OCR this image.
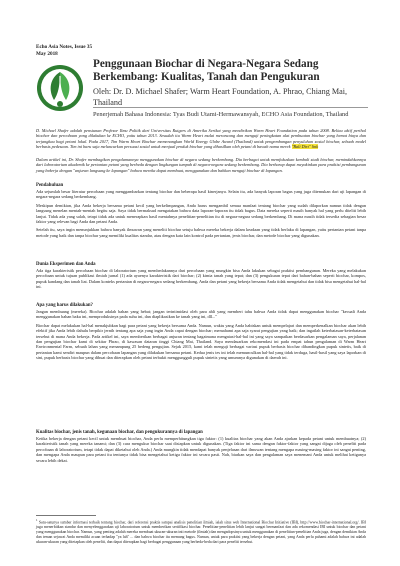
Echo Asia Notes, Issue 35
May 2018
Penggunaan Biochar di Negara-Negara Sedang Berkembang: Kualitas, Tanah dan Pengukuran
Oleh: Dr. D. Michael Shafer; Warm Heart Foundation, A. Phrao, Chiang Mai,
Thailand
Penerjemah Bahasa Indonesia: Tyas Budi Utami-Hermawansyah, ECHO Asia Foundation, Thailand

D. Michael Shafer adalah pensiunan Profesor Ilmu Politik dari Universitas Rutgers di Amerika Serikat yang mendirikan Warm Heart Foundation pada tahun 2008. Beliau aktif perihal biochar dan percobaan yang dilakukan ke ECHO, yaitu tahun 2013. Sesudah itu Warm Heart mulai merancang dan menguji peningkatan alat pembuatan biochar yang hemat biaya dan terjangkau bagi petani lokal. Pada 2017, Tim Warm Heart Biochar memenangkan World Energy Globe Award (Thailand) untuk pengembangan penyuluhan sosial biochar, sebuah model berbasis pedesaan. Tim ini baru saja meluncurkan persuasi sosial untuk menjual produk biochar yang dihasilkan oleh petani di bawah nama merek "Bali Dirt" link

Dalam artikel ini, Dr. Shafer membagikan pengalamannya menggunakan biochar di negara sedang berkembang. Dia berbagai untuk memfokuskan kembali studi biochar, memindahkannya dari laboratorium akademik ke pertanian petani yang berbeda dengan lingkungan tumpah di negara-negara sedang berkembang. Dia berharap dapat meyakinkan para praktisi pembangunan yang bekerja dengan "anjuran langsung ke lapangan" bahwa mereka dapat membuat, menggunakan dan bahkan menguji biochar di lapangan.

Pendahuluan

Ada sejumlah besar literatur percobaan yang menggambarkan tentang biochar dan beberapa hasil kinerjanya. Selain itu, ada banyak laporan bagus yang juga ditemukan dari uji lapangan di negara-negara sedang berkembang.

Meskipun demikian, jika Anda bekerja bersama petani kecil yang berkelimpangan, Anda harus mengambil semua manfaat tentang biochar yang sudah dilaporkan namun tidak dengan langsung menelan mentah-mentah begitu saja. Saya tidak bermaksud mengatakan bahwa data laporan-laporan itu tidak bagus. Data mereka seperti masih banyak hal yang perlu diteliti lebih lanjut. Tidak ada yang salah, tetapi tidak ada untuk menerapkan hasil mentahnya penelitian-penelitian itu di negara-negara sedang berkembang. Di mana masih tidak tersedia sebagian besar faktor yang relevan bagi Anda dan petani Anda.

Setelah itu, saya ingin menunjukkan bahwa banyak ilmuwan yang meneliti biochar setuju bahwa mereka bekerja dalam keadaan yang tidak berlaku di lapangan, yaitu pertanian petani tanpa metode yang baik dan tanpa biochar yang memiliki kualitas standar, atau dengan kata lain kontrol pada pertanian, jenis biochar, dan metode biochar yang digunakan.

Dunia Eksperimen dan Anda

Ada tiga karakteristik percobaan biochar di laboratorium yang membedakannya dari percobaan yang mungkin bisa Anda lakukan sebagai praktisi pembangunan. Mereka yang melakukan percobaan untuk tujuan publikasi ilmiah jurnal (1) ada ayaenya karakteristik dari biochar; (2) kimia tanah yang tepat; dan (3) pengukuran tepat dari bahan-bahan seperti biochar, kompos, pupuk kandang dan tanah liat. Dalam konteks pertanian di negara-negara sedang berkembang, Anda dan petani yang bekerja bersama Anda tidak mengetahui dan tidak bisa mengetahui hal-hal ini.

Apa yang harus dilakukan?

Jangan membuang (mereka). Biochar adalah bahan yang hebat; jangan terintimidasi oleh para ahli yang memberi tahu bahwa Anda tidak dapat menggunakan biochar "kecuali Anda menggunakan bahan baku ini, memproduksinya pada suhu ini, dan diaplikasikan ke tanah yang ini, dll..."

Biochar dapat melakukan hal-hal menakjubkan bagi para petani yang bekerja bersama Anda. Namun, waktu yang Anda habiskan untuk mempelajari dan memperkenalkan biochar akan lebih efektif jika Anda lebih dahulu berpikir jernih tentang apa saja yang ingin Anda capai dengan biochar; memahami apa saja syarat pengujian yang baik; dan ingatlah keterbatasan-keterbatasan tersebut di mana Anda bekerja. Pada artikel ini, saya memberikan berbagai anjuran tentang bagaimana mengatasi-hal-hal ini yang saya sampaikan berdasarkan pengalaman saya, perjalanan dan pengujian biochar kami di sekitar Phrao, di kawasan dataran tinggi Chiang Mai, Thailand. Saya mendasarkan rekomendasi ini pada empat tahun pengalaman di Warm Heart Environmental Farm, sebuah lahan yang menampung 25 bedeng pengujian. Sejak 2015, kami telah menguji berbagai variasi pupuk berbasis biochar dibandingkan pupuk sintetis, baik di pertanian kami sendiri maupun dalam percobaan lapangan yang dilakukan bersama petani. Kedua jenis tes ini telah memunculkan hal-hal yang tidak terduga, hasil-hasil yang saya laporkan di sini, pupuk berbasis biochar yang dibuat dan diterapkan oleh petani terbukti menggungguli pupuk sintetis yang umumnya digunakan di daerah ini.

Kualitas biochar, jenis tanah, kegunaan biochar, dan pengukurannya di lapangan

Ketika bekerja dengan petani kecil untuk membuat biochar, Anda perlu memperhitungkan tiga faktor: (1) kualitas biochar yang akan Anda ajarkan kepada petani untuk membuatnya; (2) karakteristik tanah yang mereka tanami; dan (3) cara mengukur biochar saat disiapkan untuk digunakan. (Tiga faktor ini sama dengan faktor-faktor yang sangat dijaga oleh peneliti pada percobaan di laboratorium, tetapi tidak dapat diketahui oleh Anda.) Anda mungkin tidak mendapat banyak penjelasan dari ilmuwan tentang mengapa masing-masing faktor ini sangat penting, dan mengapa Anda maupun para petani itu tentunya tidak bisa mengetahui ketiga faktor ini secara pasti. Nah, biarkan saya dan pengalaman saya menemani Anda untuk melihat ketiganya secara lebih dekat.

$^1$ Satu-satunya sumber informasi terbaik tentang biochar, dari referensi praktis sampai analisis penelitian ilmiah, ialah situs web International Biochar Initiative (IBI), http://www.biochar-international.org/. IBI juga menerbitkan standar dan menyelenggarakan uji laboratorium untuk memberikan sertifikasi biochar. Penelitian-penelitian lebih lanjut sangat bermanfaat dan ada rekomendasi IBI untuk biochar dan petani yang menggunakan biochar. Namun, yang penting adalah mereka membuat ukuran-ukuran inti metode (ilmiah) dan mengadopsinya untuk menggunakan di penelitian-penelitian Anda juga, dengan demikian Anda dan teman sejawat Anda memiliki acuan terhadap "ya lah" ... dan bahwa biochar itu memang bagus. Namun, untuk para praktisi yang bekerja dengan petani, yang Anda perlu pahami adalah bahwa ini adalah ukuran-ukuran yang ditetapkan oleh peneliti, dan dapat diterapkan bagi berbagai penggunaan yang berbeda-beda dari para peneliti tersebut.
